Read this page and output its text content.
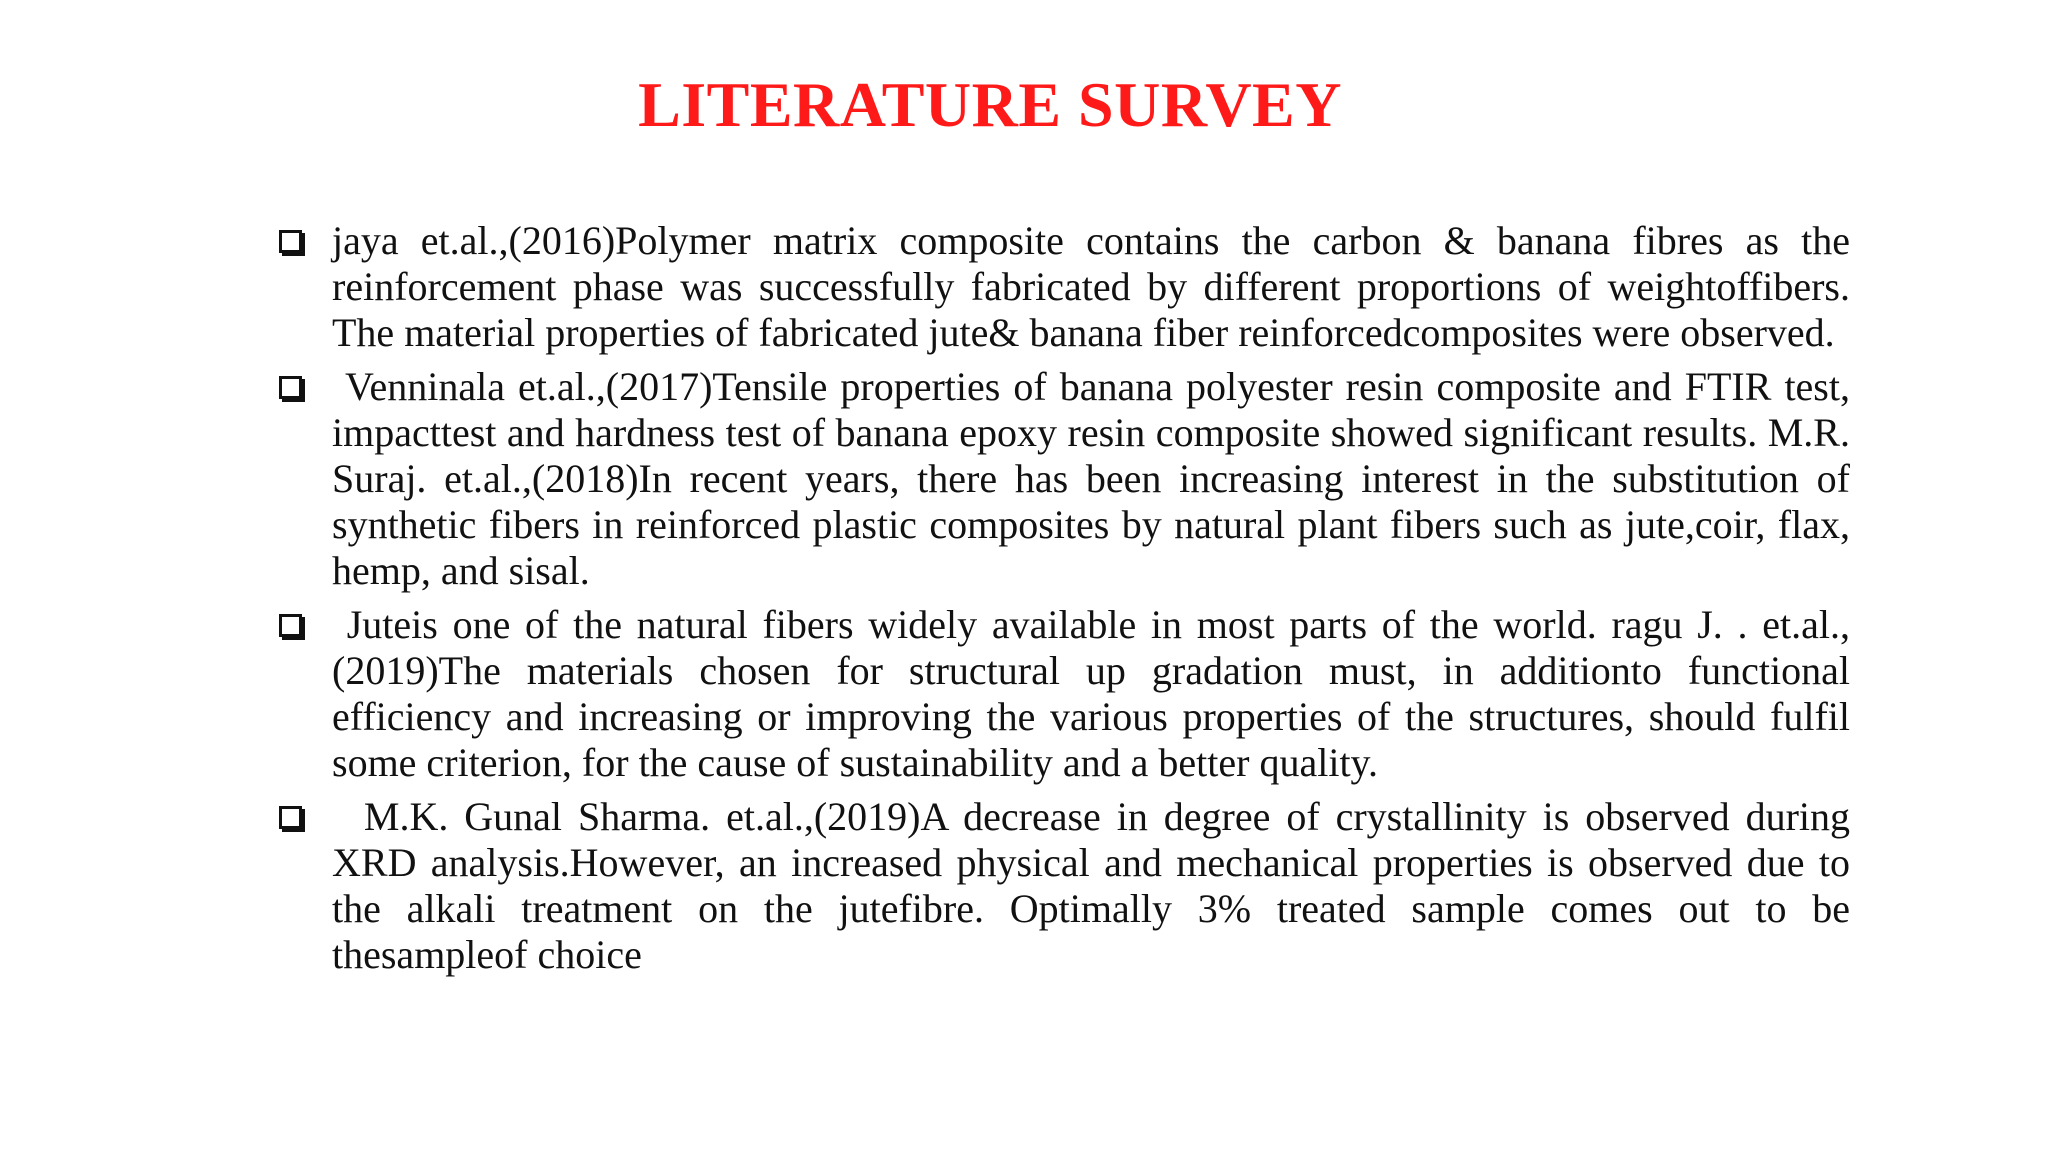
LITERATURE SURVEY
jaya et.al.,(2016)Polymer matrix composite contains the carbon & banana fibres as the reinforcement phase was successfully fabricated by different proportions of weightoffibers. The material properties of fabricated jute& banana fiber reinforcedcomposites were observed.
Venninala et.al.,(2017)Tensile properties of banana polyester resin composite and FTIR test, impacttest and hardness test of banana epoxy resin composite showed significant results. M.R. Suraj. et.al.,(2018)In recent years, there has been increasing interest in the substitution of synthetic fibers in reinforced plastic composites by natural plant fibers such as jute,coir, flax, hemp, and sisal.
Juteis one of the natural fibers widely available in most parts of the world. ragu J. . et.al.,(2019)The materials chosen for structural up gradation must, in additionto functional efficiency and increasing or improving the various properties of the structures, should fulfil some criterion, for the cause of sustainability and a better quality.
M.K. Gunal Sharma. et.al.,(2019)A decrease in degree of crystallinity is observed during XRD analysis.However, an increased physical and mechanical properties is observed due to the alkali treatment on the jutefibre. Optimally 3% treated sample comes out to be thesampleof choice
